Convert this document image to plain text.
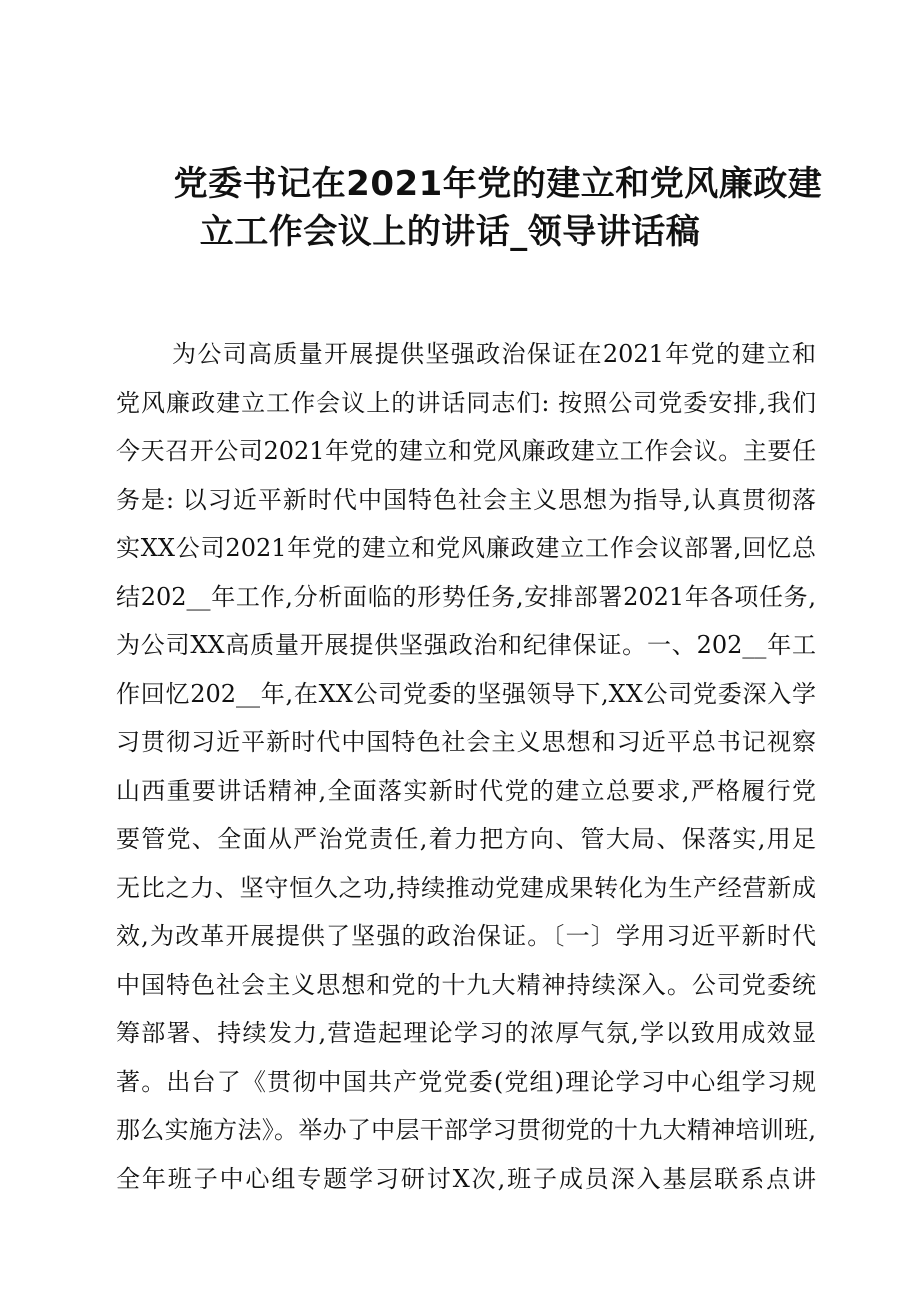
党委书记在2021年党的建立和党风廉政建
立工作会议上的讲话_领导讲话稿
为公司高质量开展提供坚强政治保证在2021年党的建立和
党风廉政建立工作会议上的讲话同志们: 按照公司党委安排,我们
今天召开公司2021年党的建立和党风廉政建立工作会议。主要任
务是: 以习近平新时代中国特色社会主义思想为指导,认真贯彻落
实XX公司2021年党的建立和党风廉政建立工作会议部署,回忆总
结202__年工作,分析面临的形势任务,安排部署2021年各项任务,
为公司XX高质量开展提供坚强政治和纪律保证。一、202__年工
作回忆202__年,在XX公司党委的坚强领导下,XX公司党委深入学
习贯彻习近平新时代中国特色社会主义思想和习近平总书记视察
山西重要讲话精神,全面落实新时代党的建立总要求,严格履行党
要管党、全面从严治党责任,着力把方向、管大局、保落实,用足
无比之力、坚守恒久之功,持续推动党建成果转化为生产经营新成
效,为改革开展提供了坚强的政治保证。〔一〕学用习近平新时代
中国特色社会主义思想和党的十九大精神持续深入。公司党委统
筹部署、持续发力,营造起理论学习的浓厚气氛,学以致用成效显
著。出台了《贯彻中国共产党党委(党组)理论学习中心组学习规
那么实施方法》。举办了中层干部学习贯彻党的十九大精神培训班,
全年班子中心组专题学习研讨X次,班子成员深入基层联系点讲
